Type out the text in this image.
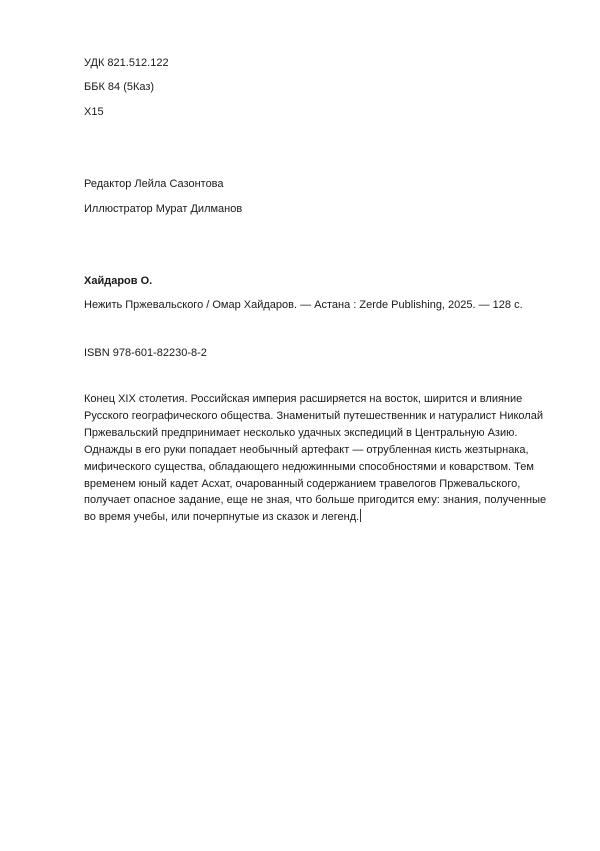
УДК 821.512.122
ББК 84 (5Каз)
Х15
Редактор Лейла Сазонтова
Иллюстратор Мурат Дилманов
Хайдаров О.
Нежить Пржевальского / Омар Хайдаров. — Астана : Zerde Publishing, 2025. — 128 с.
ISBN 978-601-82230-8-2
Конец XIX столетия. Российская империя расширяется на восток, ширится и влияние
Русского географического общества. Знаменитый путешественник и натуралист Николай
Пржевальский предпринимает несколько удачных экспедиций в Центральную Азию.
Однажды в его руки попадает необычный артефакт — отрубленная кисть жезтырнака,
мифического существа, обладающего недюжинными способностями и коварством. Тем
временем юный кадет Асхат, очарованный содержанием травелогов Пржевальского,
получает опасное задание, еще не зная, что больше пригодится ему: знания, полученные
во время учебы, или почерпнутые из сказок и легенд.
